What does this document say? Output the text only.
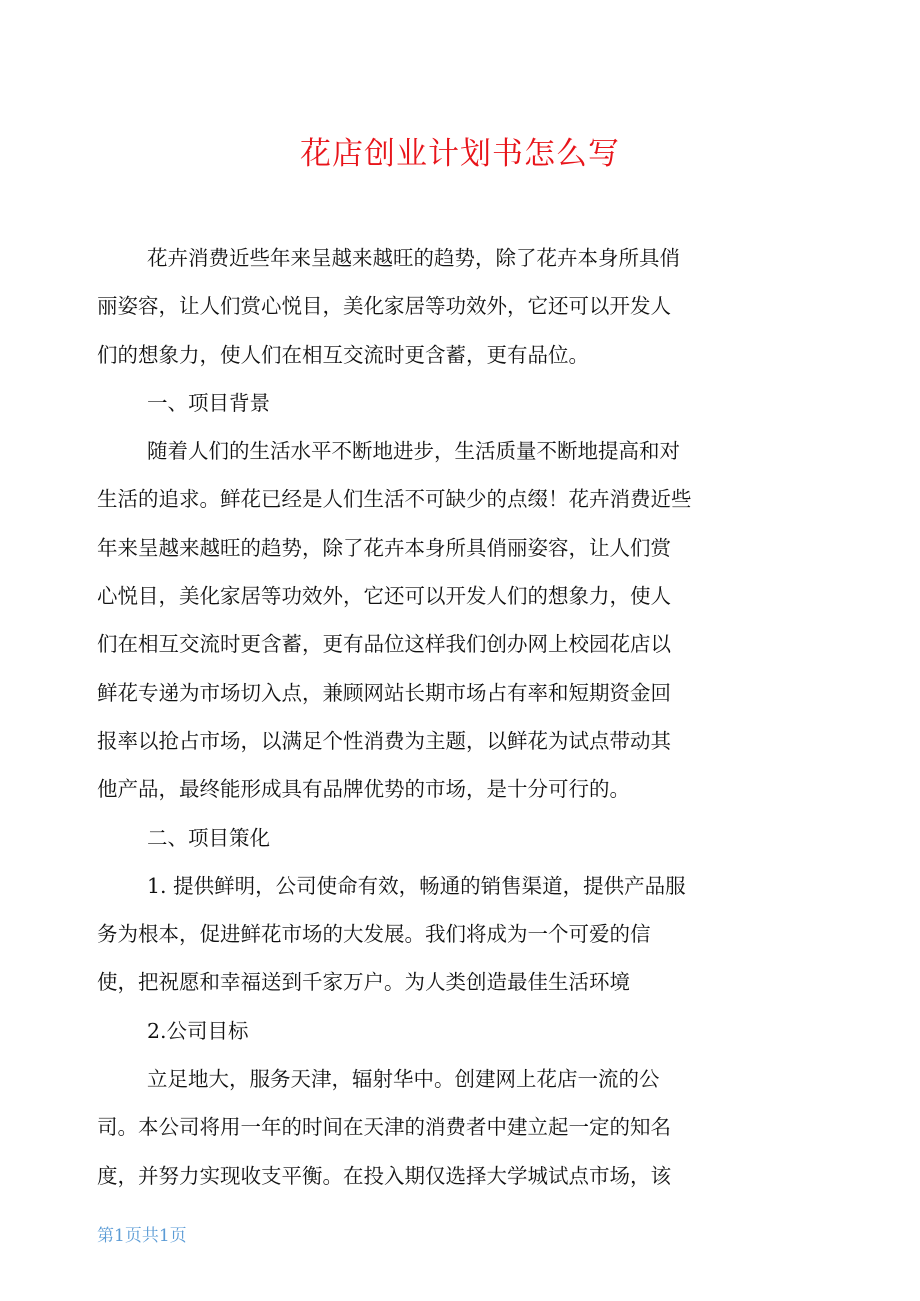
花店创业计划书怎么写
花卉消费近些年来呈越来越旺的趋势，除了花卉本身所具俏
丽姿容，让人们赏心悦目，美化家居等功效外，它还可以开发人
们的想象力，使人们在相互交流时更含蓄，更有品位。
一、项目背景
随着人们的生活水平不断地进步，生活质量不断地提高和对
生活的追求。鲜花已经是人们生活不可缺少的点缀！花卉消费近些
年来呈越来越旺的趋势，除了花卉本身所具俏丽姿容，让人们赏
心悦目，美化家居等功效外，它还可以开发人们的想象力，使人
们在相互交流时更含蓄，更有品位这样我们创办网上校园花店以
鲜花专递为市场切入点，兼顾网站长期市场占有率和短期资金回
报率以抢占市场，以满足个性消费为主题，以鲜花为试点带动其
他产品，最终能形成具有品牌优势的市场，是十分可行的。
二、项目策化
1. 提供鲜明，公司使命有效，畅通的销售渠道，提供产品服
务为根本，促进鲜花市场的大发展。我们将成为一个可爱的信
使，把祝愿和幸福送到千家万户。为人类创造最佳生活环境
2.公司目标
立足地大，服务天津，辐射华中。创建网上花店一流的公
司。本公司将用一年的时间在天津的消费者中建立起一定的知名
度，并努力实现收支平衡。在投入期仅选择大学城试点市场，该
第1页共1页
